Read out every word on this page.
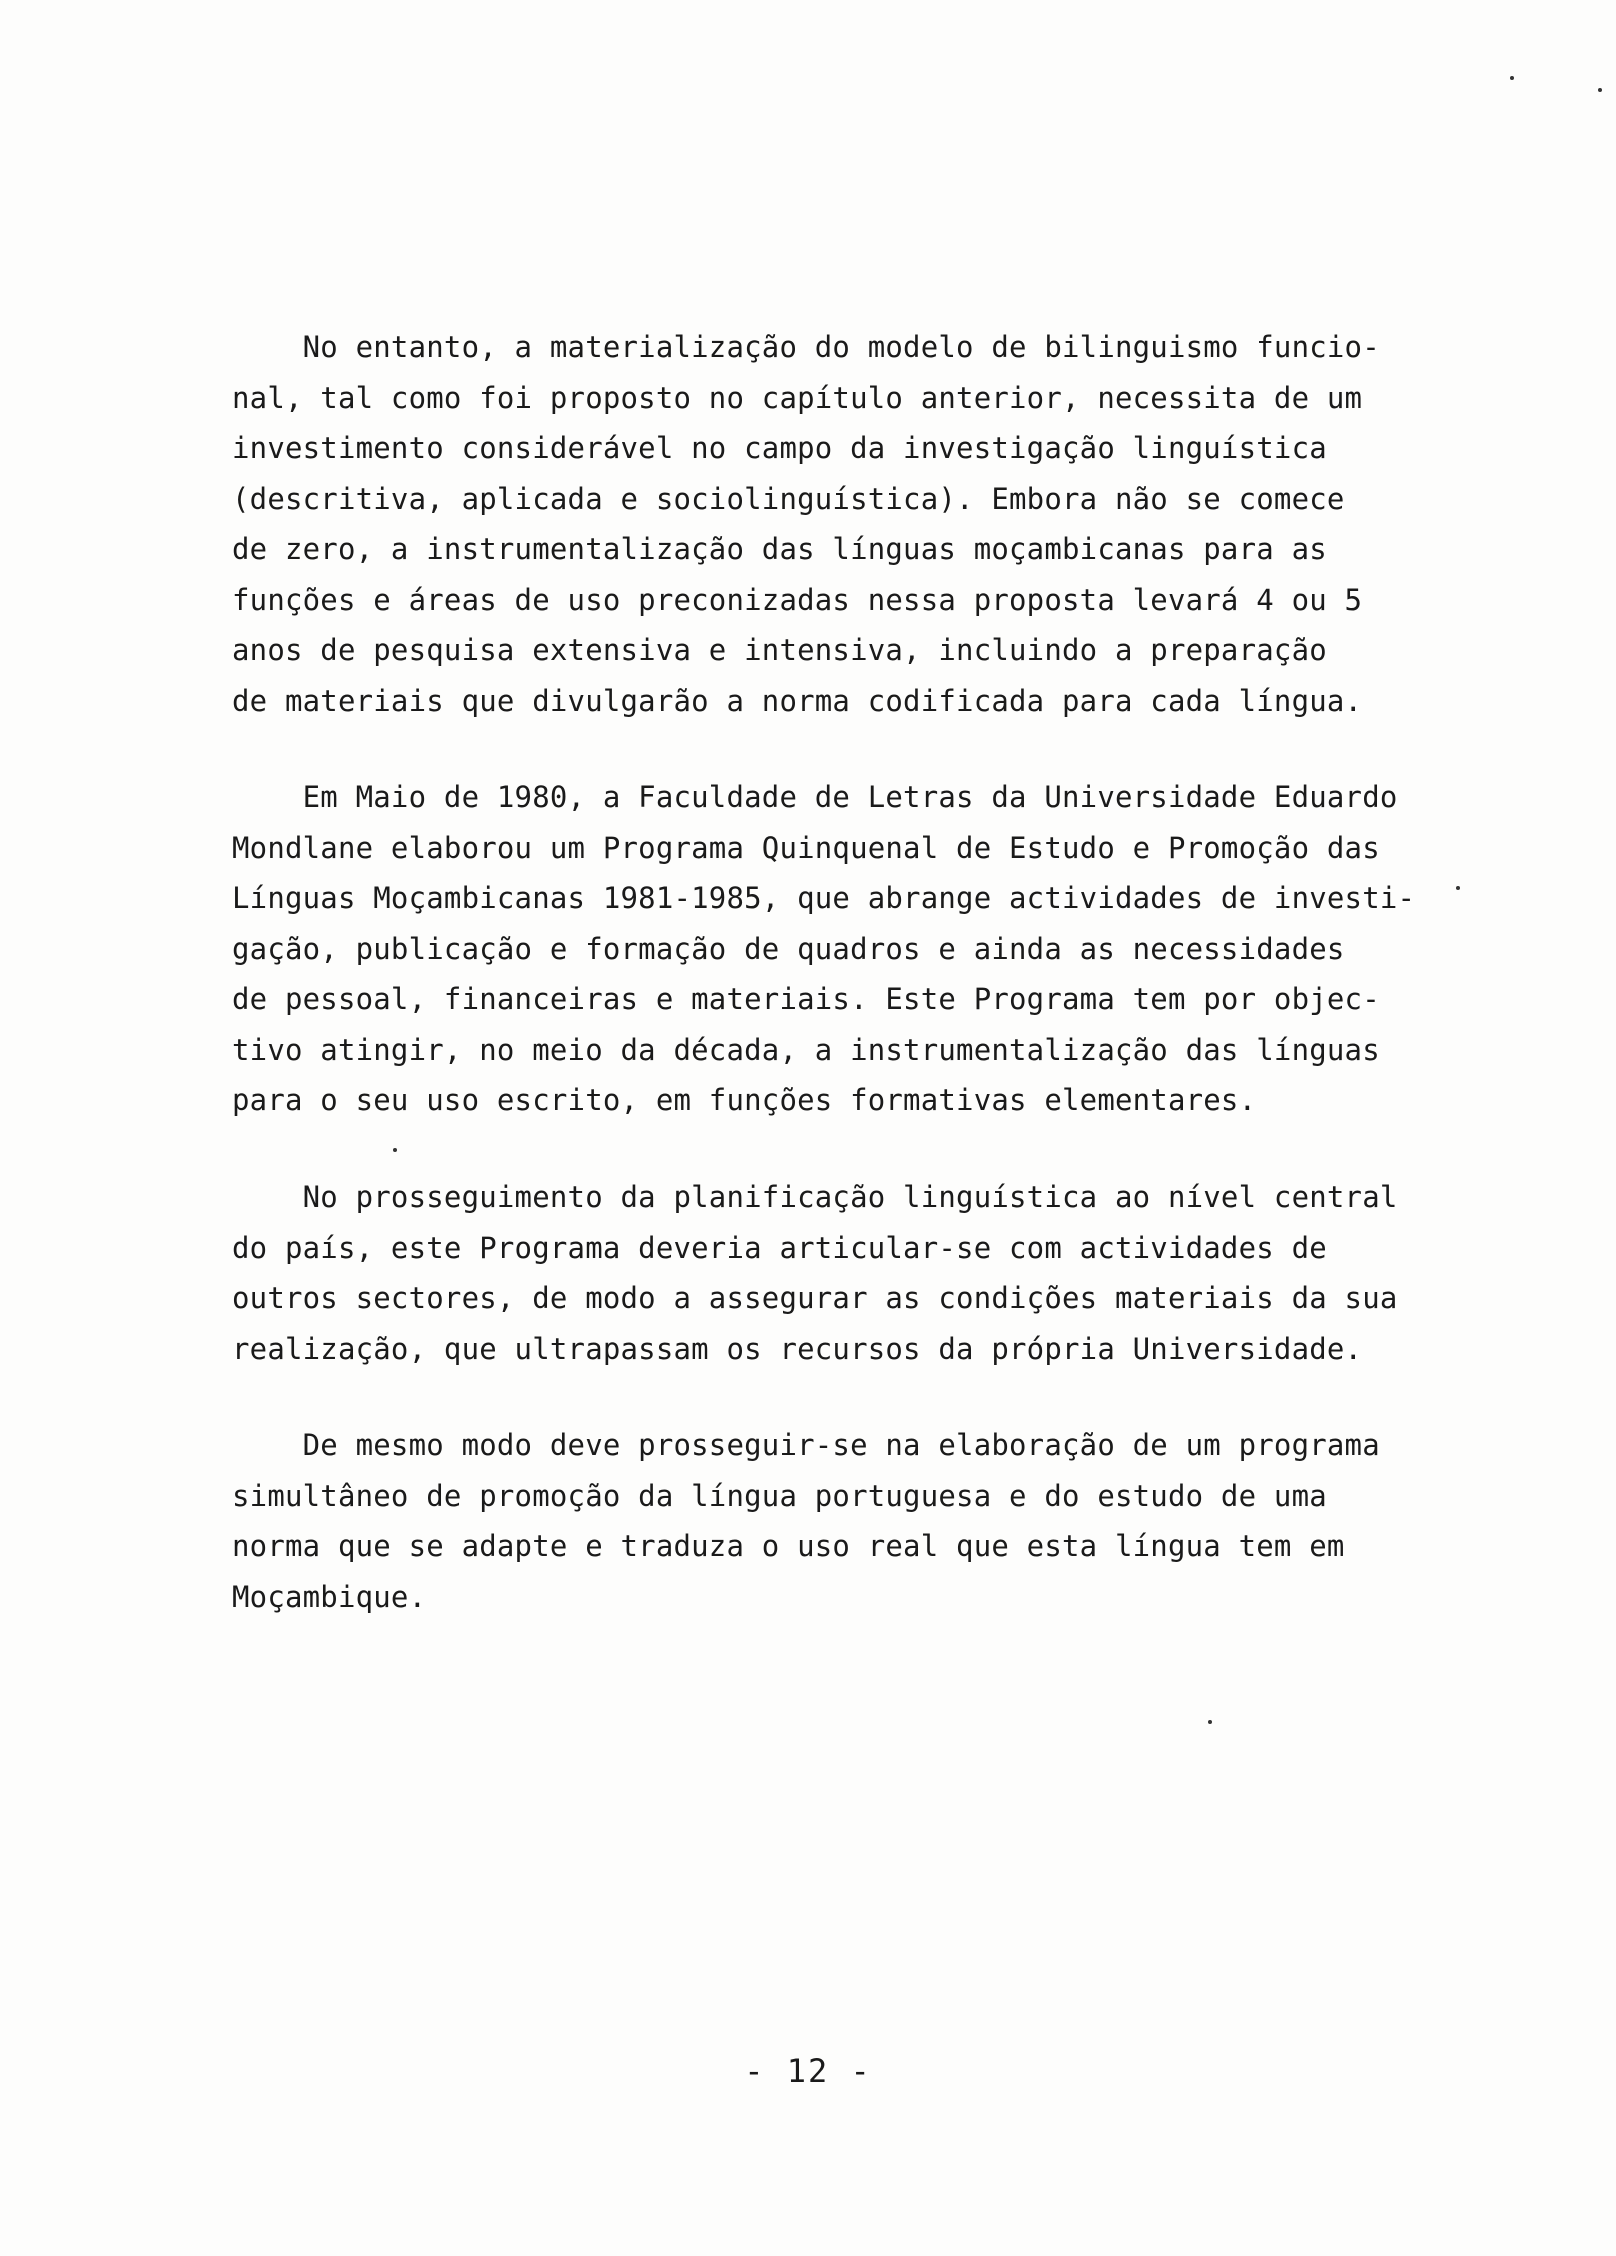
No entanto, a materialização do modelo de bilinguismo funcio-
nal, tal como foi proposto no capítulo anterior, necessita de um
investimento considerável no campo da investigação linguística
(descritiva, aplicada e sociolinguística). Embora não se comece
de zero, a instrumentalização das línguas moçambicanas para as
funções e áreas de uso preconizadas nessa proposta levará 4 ou 5
anos de pesquisa extensiva e intensiva, incluindo a preparação
de materiais que divulgarão a norma codificada para cada língua.
Em Maio de 1980, a Faculdade de Letras da Universidade Eduardo
Mondlane elaborou um Programa Quinquenal de Estudo e Promoção das
Línguas Moçambicanas 1981-1985, que abrange actividades de investi-
gação, publicação e formação de quadros e ainda as necessidades
de pessoal, financeiras e materiais. Este Programa tem por objec-
tivo atingir, no meio da década, a instrumentalização das línguas
para o seu uso escrito, em funções formativas elementares.
No prosseguimento da planificação linguística ao nível central
do país, este Programa deveria articular-se com actividades de
outros sectores, de modo a assegurar as condições materiais da sua
realização, que ultrapassam os recursos da própria Universidade.
De mesmo modo deve prosseguir-se na elaboração de um programa
simultâneo de promoção da língua portuguesa e do estudo de uma
norma que se adapte e traduza o uso real que esta língua tem em
Moçambique.
- 12 -
